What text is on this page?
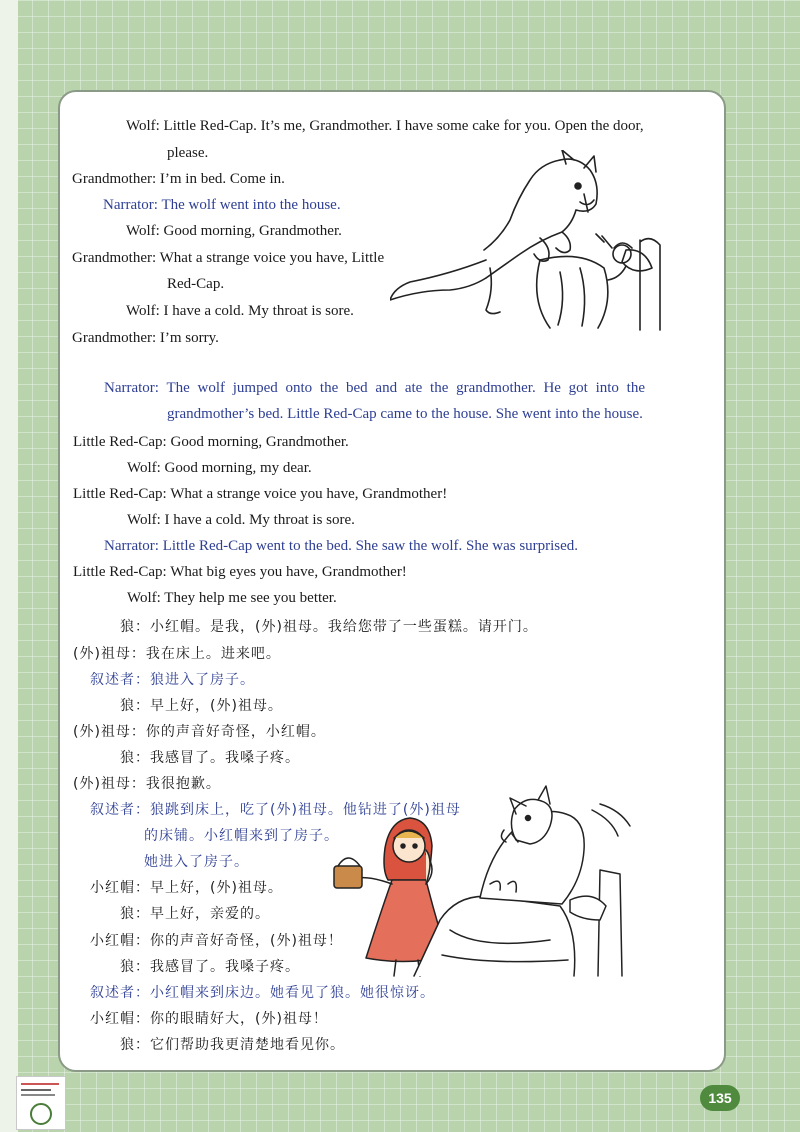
Wolf: Little Red-Cap. It’s me, Grandmother. I have some cake for you. Open the door,
please.
Grandmother: I’m in bed. Come in.
Narrator: The wolf went into the house.
Wolf: Good morning, Grandmother.
Grandmother: What a strange voice you have, Little
Red-Cap.
Wolf: I have a cold. My throat is sore.
Grandmother: I’m sorry.
Narrator: The wolf jumped onto the bed and ate the grandmother. He got into the
grandmother’s bed. Little Red-Cap came to the house. She went into the house.
Little Red-Cap: Good morning, Grandmother.
Wolf: Good morning, my dear.
Little Red-Cap: What a strange voice you have, Grandmother!
Wolf: I have a cold. My throat is sore.
Narrator: Little Red-Cap went to the bed. She saw the wolf. She was surprised.
Little Red-Cap: What big eyes you have, Grandmother!
Wolf: They help me see you better.
狼：小红帽。是我，(外)祖母。我给您带了一些蛋糕。请开门。
(外)祖母：我在床上。进来吧。
叙述者：狼进入了房子。
狼：早上好，(外)祖母。
(外)祖母：你的声音好奇怪，小红帽。
狼：我感冒了。我嗓子疼。
(外)祖母：我很抱歉。
叙述者：狼跳到床上，吃了(外)祖母。他钻进了(外)祖母
的床铺。小红帽来到了房子。
她进入了房子。
小红帽：早上好，(外)祖母。
狼：早上好，亲爱的。
小红帽：你的声音好奇怪，(外)祖母！
狼：我感冒了。我嗓子疼。
叙述者：小红帽来到床边。她看见了狼。她很惊讶。
小红帽：你的眼睛好大，(外)祖母！
狼：它们帮助我更清楚地看见你。
135
